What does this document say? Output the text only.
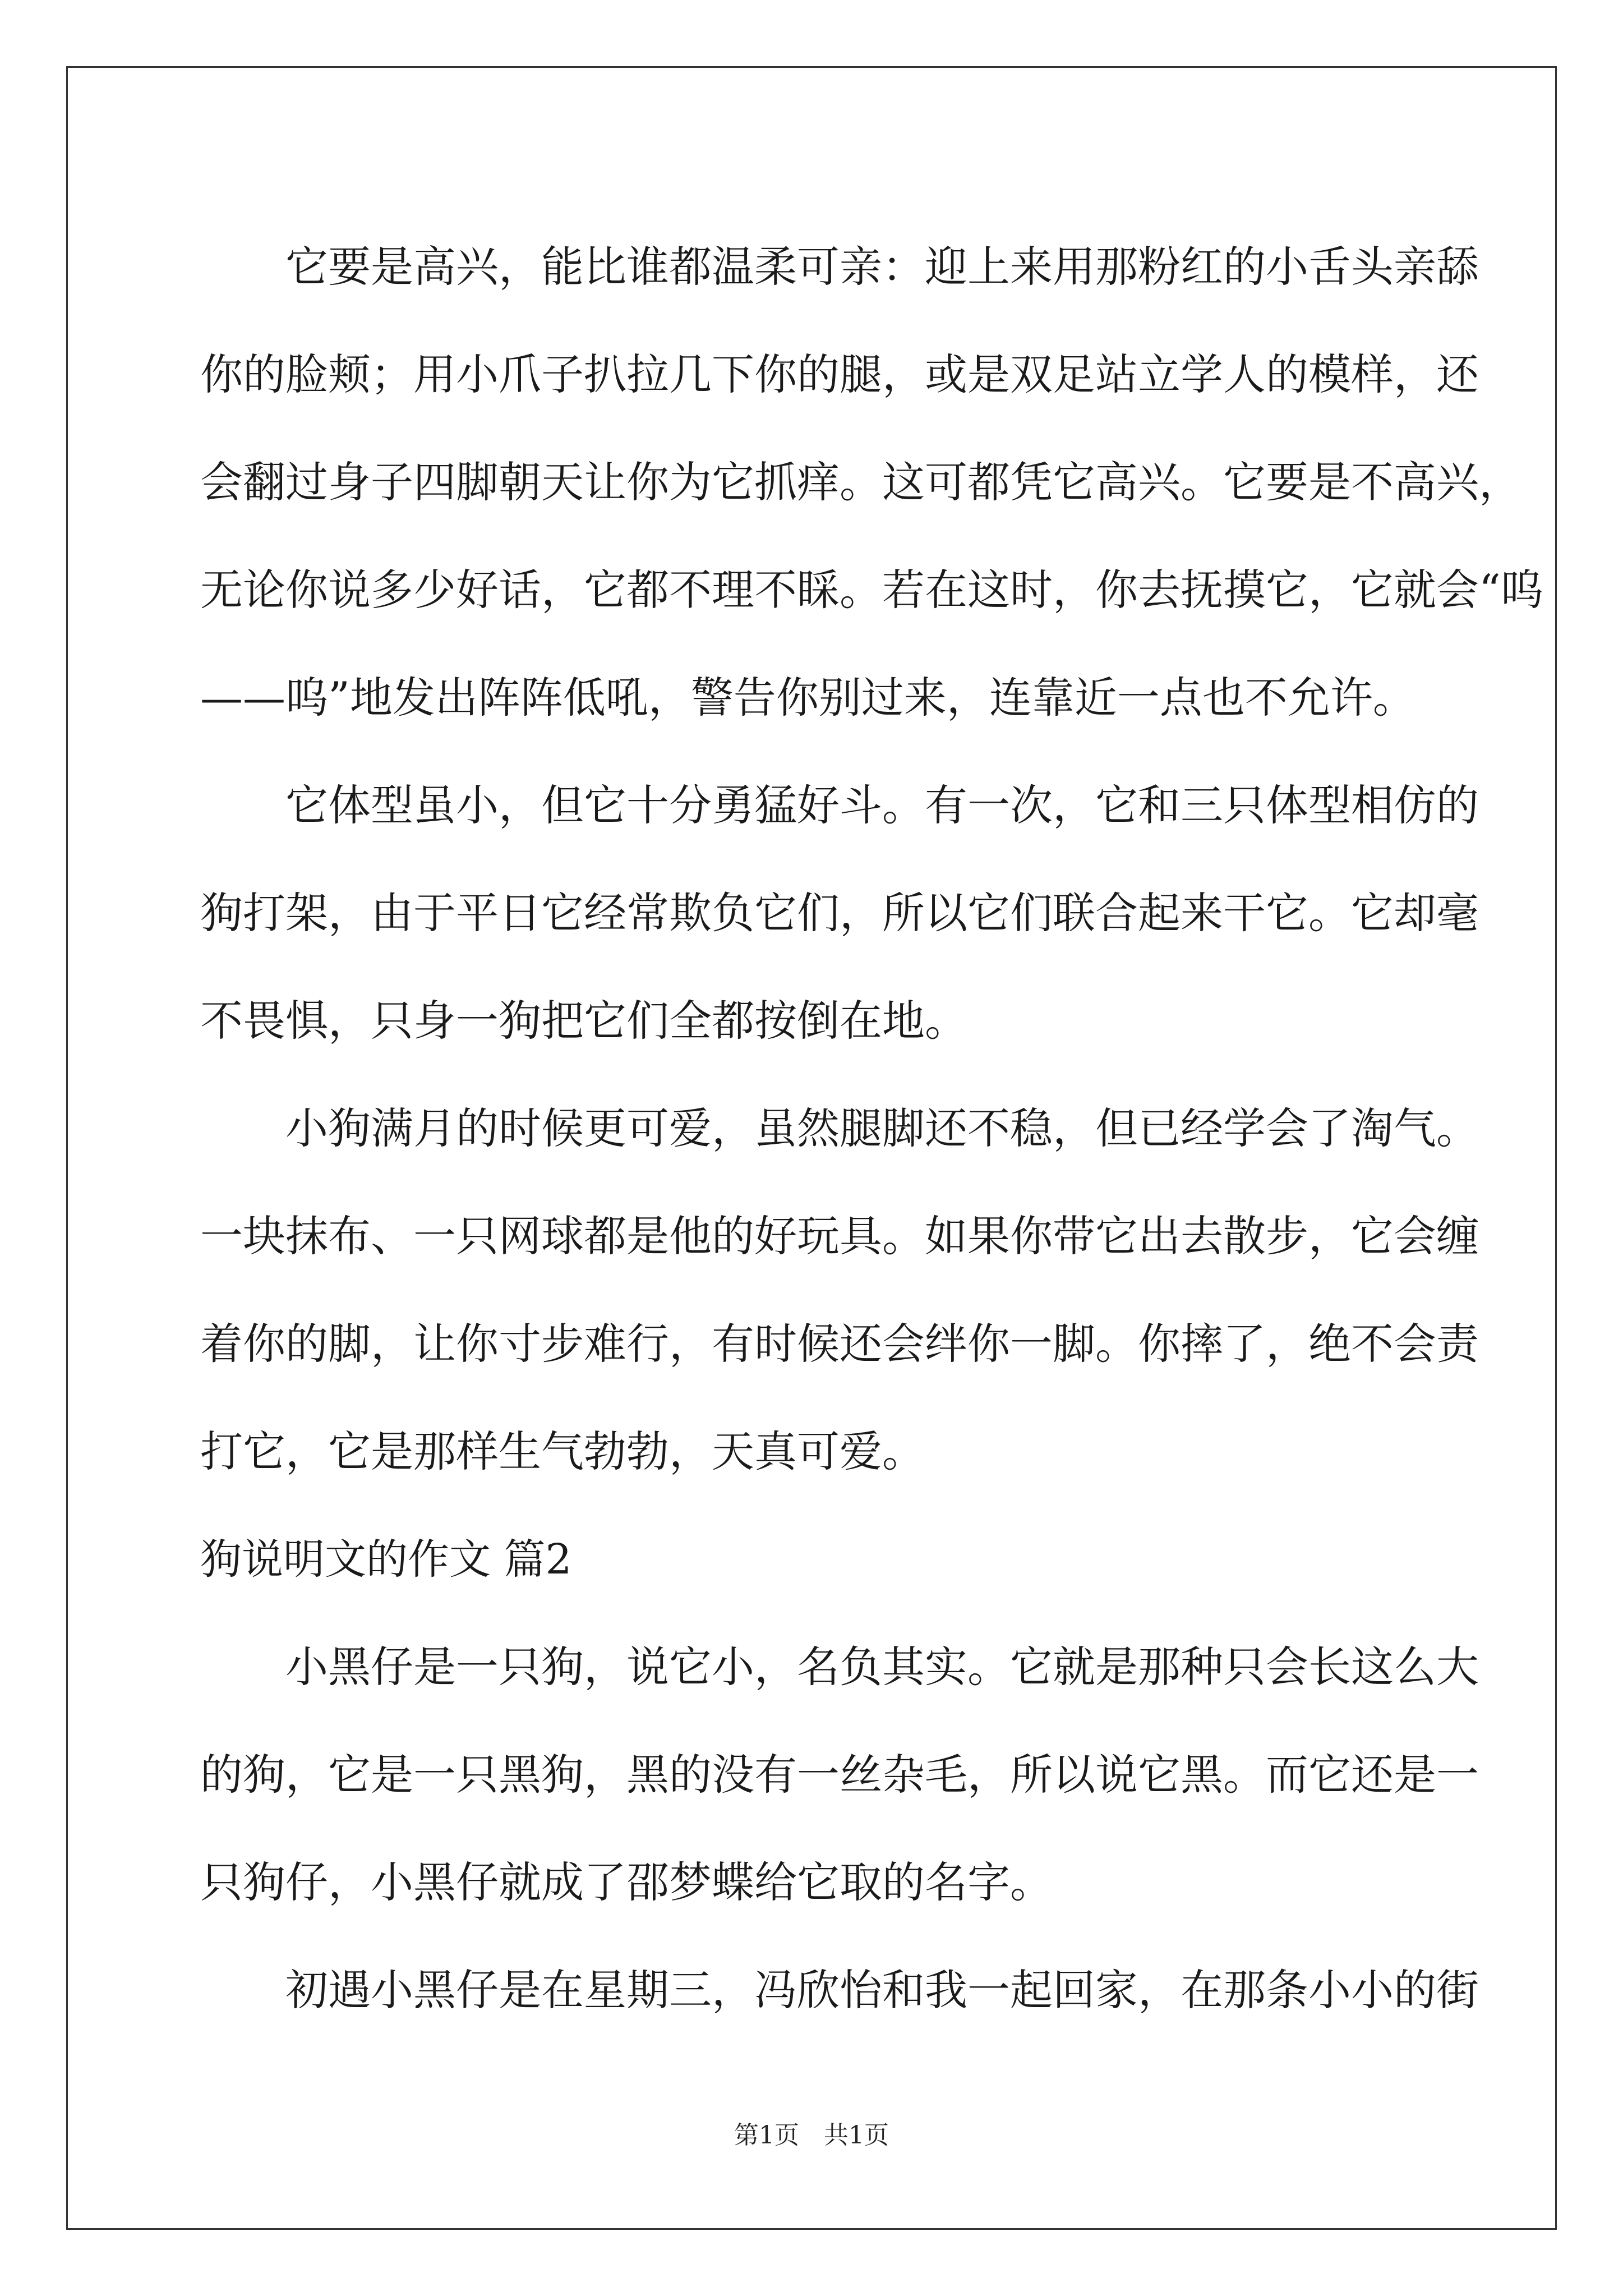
它要是高兴，能比谁都温柔可亲：迎上来用那粉红的小舌头亲舔
你的脸颊；用小爪子扒拉几下你的腿，或是双足站立学人的模样，还
会翻过身子四脚朝天让你为它抓痒。这可都凭它高兴。它要是不高兴，
无论你说多少好话，它都不理不睬。若在这时，你去抚摸它，它就会“呜
——呜”地发出阵阵低吼，警告你别过来，连靠近一点也不允许。
它体型虽小，但它十分勇猛好斗。有一次，它和三只体型相仿的
狗打架，由于平日它经常欺负它们，所以它们联合起来干它。它却毫
不畏惧，只身一狗把它们全都按倒在地。
小狗满月的时候更可爱，虽然腿脚还不稳，但已经学会了淘气。
一块抹布、一只网球都是他的好玩具。如果你带它出去散步，它会缠
着你的脚，让你寸步难行，有时候还会绊你一脚。你摔了，绝不会责
打它，它是那样生气勃勃，天真可爱。
狗说明文的作文 篇2
小黑仔是一只狗，说它小，名负其实。它就是那种只会长这么大
的狗，它是一只黑狗，黑的没有一丝杂毛，所以说它黑。而它还是一
只狗仔，小黑仔就成了邵梦蝶给它取的名字。
初遇小黑仔是在星期三，冯欣怡和我一起回家，在那条小小的街
第1页　共1页
